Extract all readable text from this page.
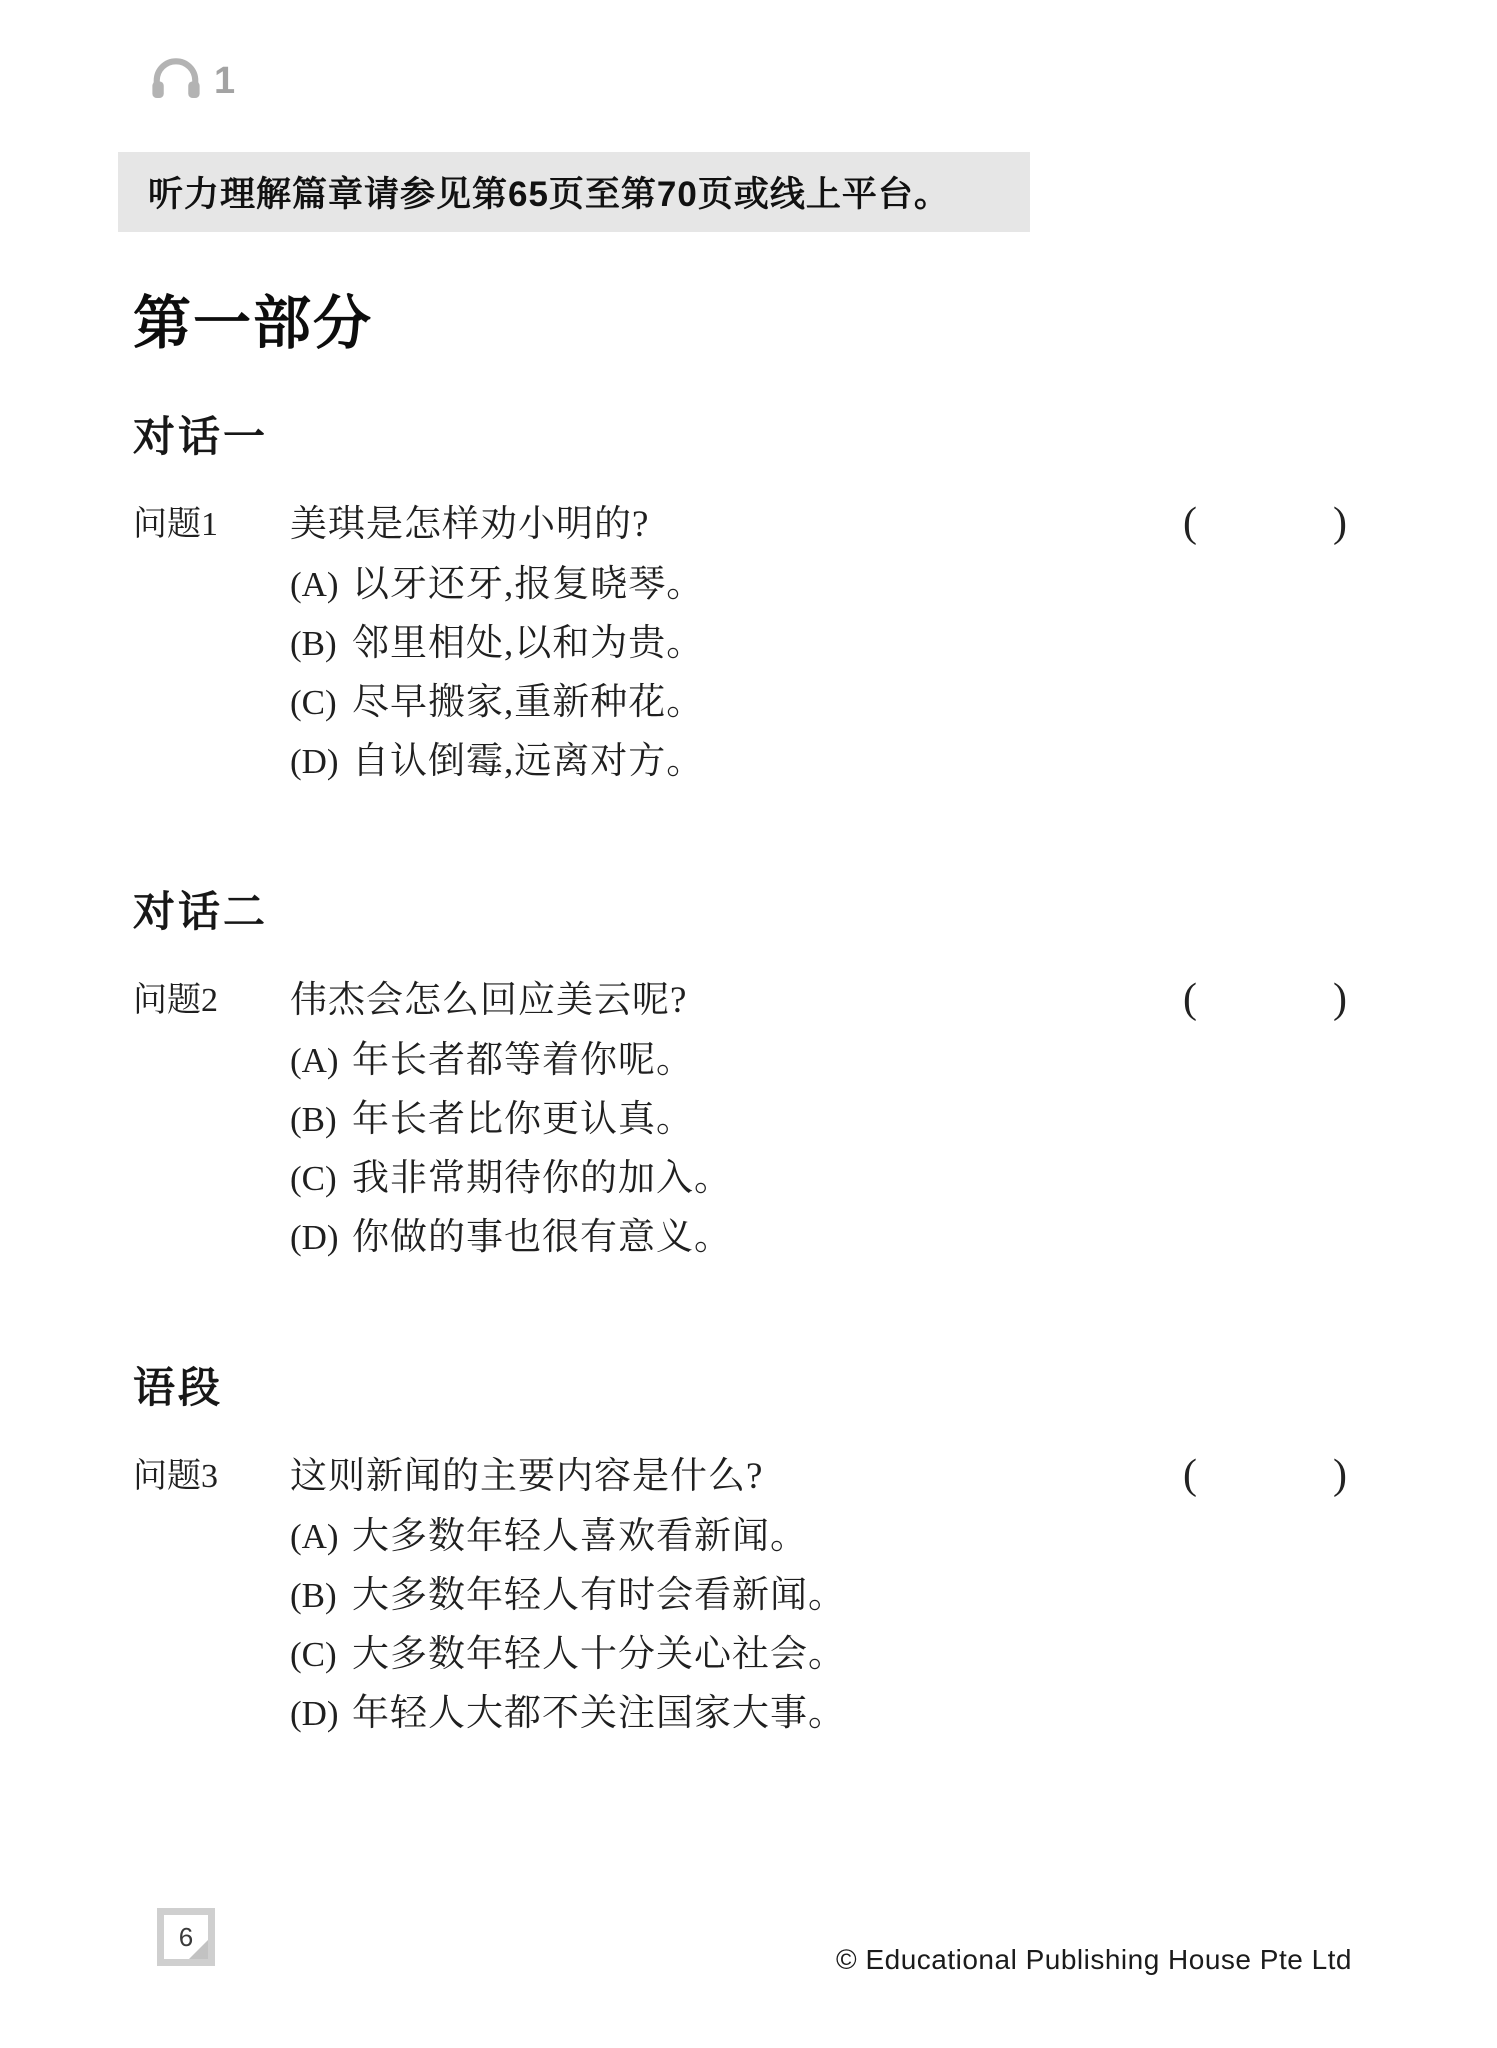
1
听力理解篇章请参见第65页至第70页或线上平台。
第一部分
对话一
问题1	美琪是怎样劝小明的?	(	)
(A) 以牙还牙,报复晓琴。
(B) 邻里相处,以和为贵。
(C) 尽早搬家,重新种花。
(D) 自认倒霉,远离对方。
对话二
问题2	伟杰会怎么回应美云呢?	(	)
(A) 年长者都等着你呢。
(B) 年长者比你更认真。
(C) 我非常期待你的加入。
(D) 你做的事也很有意义。
语段
问题3	这则新闻的主要内容是什么?	(	)
(A) 大多数年轻人喜欢看新闻。
(B) 大多数年轻人有时会看新闻。
(C) 大多数年轻人十分关心社会。
(D) 年轻人大都不关注国家大事。
6
© Educational Publishing House Pte Ltd
